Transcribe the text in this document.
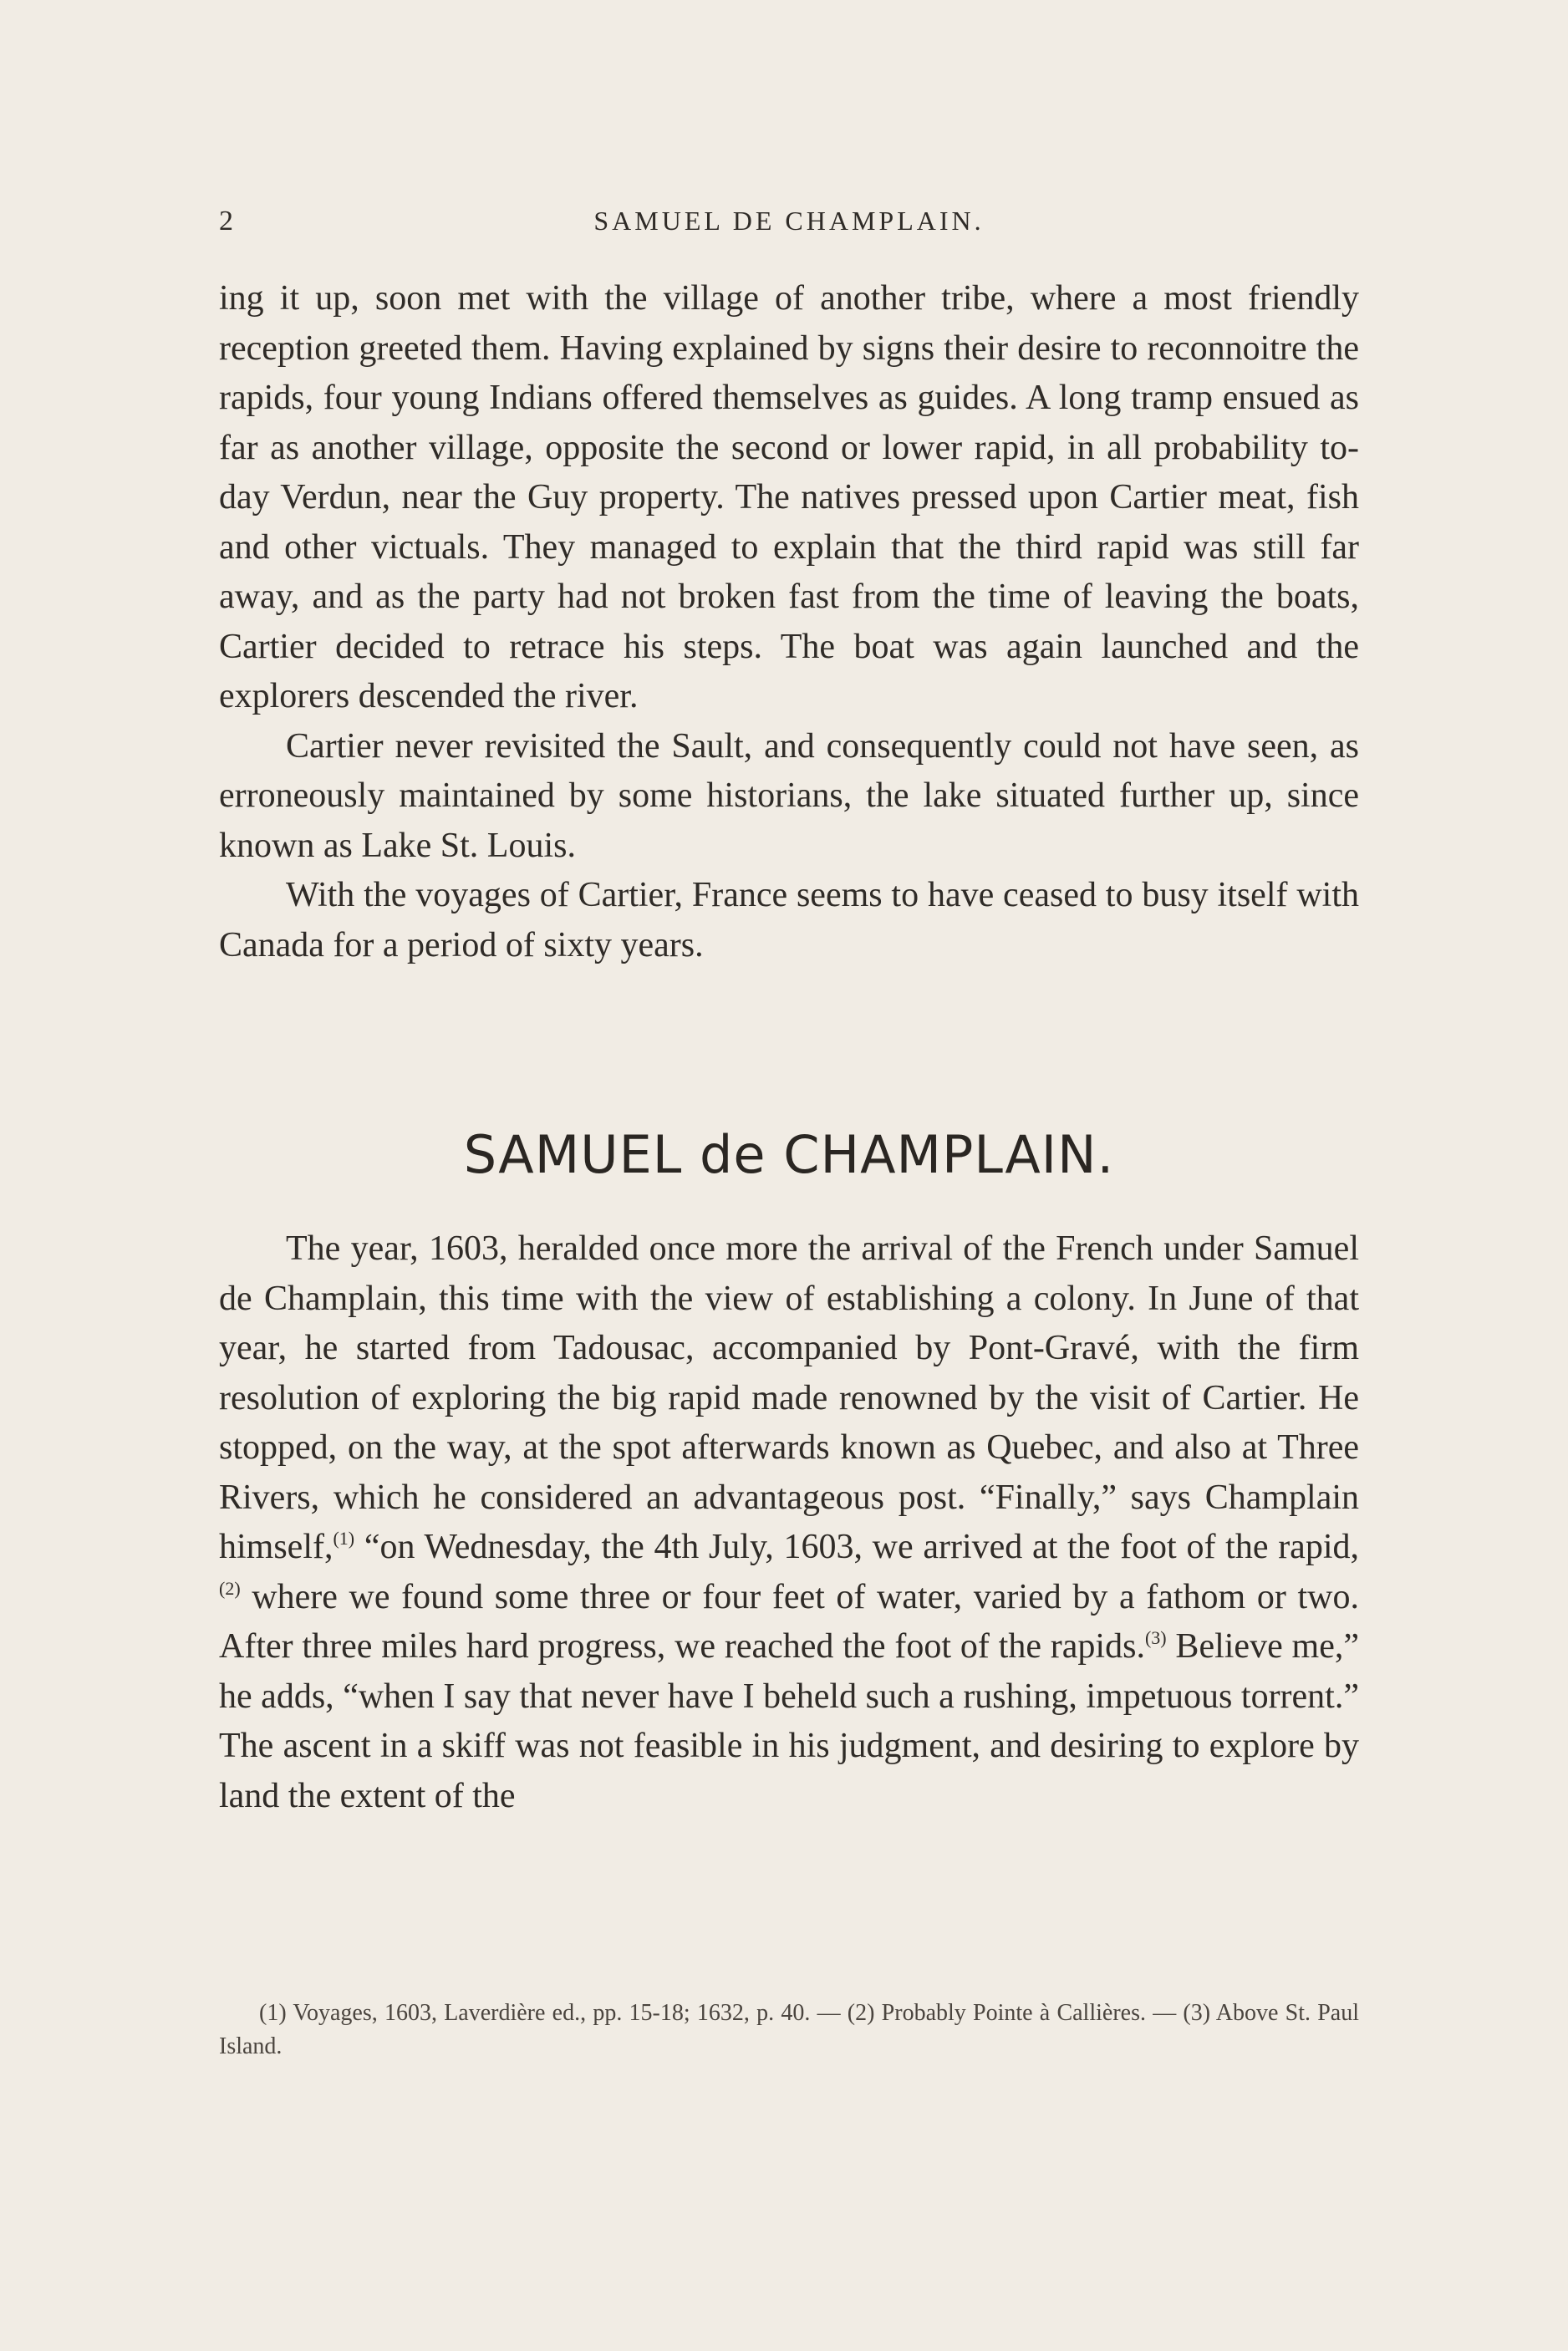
2	SAMUEL DE CHAMPLAIN.

ing it up, soon met with the village of another tribe, where a most friendly reception greeted them. Having explained by signs their desire to reconnoitre the rapids, four young Indians offered themselves as guides. A long tramp ensued as far as another village, opposite the second or lower rapid, in all probability to-day Verdun, near the Guy property. The natives pressed upon Cartier meat, fish and other victuals. They managed to explain that the third rapid was still far away, and as the party had not broken fast from the time of leaving the boats, Cartier decided to retrace his steps. The boat was again launched and the explorers descended the river.

Cartier never revisited the Sault, and consequently could not have seen, as erroneously maintained by some historians, the lake situated further up, since known as Lake St. Louis.

With the voyages of Cartier, France seems to have ceased to busy itself with Canada for a period of sixty years.

SAMUEL de CHAMPLAIN.

The year, 1603, heralded once more the arrival of the French under Samuel de Champlain, this time with the view of establishing a colony. In June of that year, he started from Tadousac, accompanied by Pont-Gravé, with the firm resolution of exploring the big rapid made renowned by the visit of Cartier. He stopped, on the way, at the spot afterwards known as Quebec, and also at Three Rivers, which he considered an advantageous post. “Finally,” says Champlain himself,$^{(1)}$ “on Wednesday, the 4th July, 1603, we arrived at the foot of the rapid,$^{(2)}$ where we found some three or four feet of water, varied by a fathom or two. After three miles hard progress, we reached the foot of the rapids.$^{(3)}$ Believe me,” he adds, “when I say that never have I beheld such a rushing, impetuous torrent.” The ascent in a skiff was not feasible in his judgment, and desiring to explore by land the extent of the

(1) Voyages, 1603, Laverdière ed., pp. 15-18; 1632, p. 40. — (2) Probably Pointe à Callières. — (3) Above St. Paul Island.
